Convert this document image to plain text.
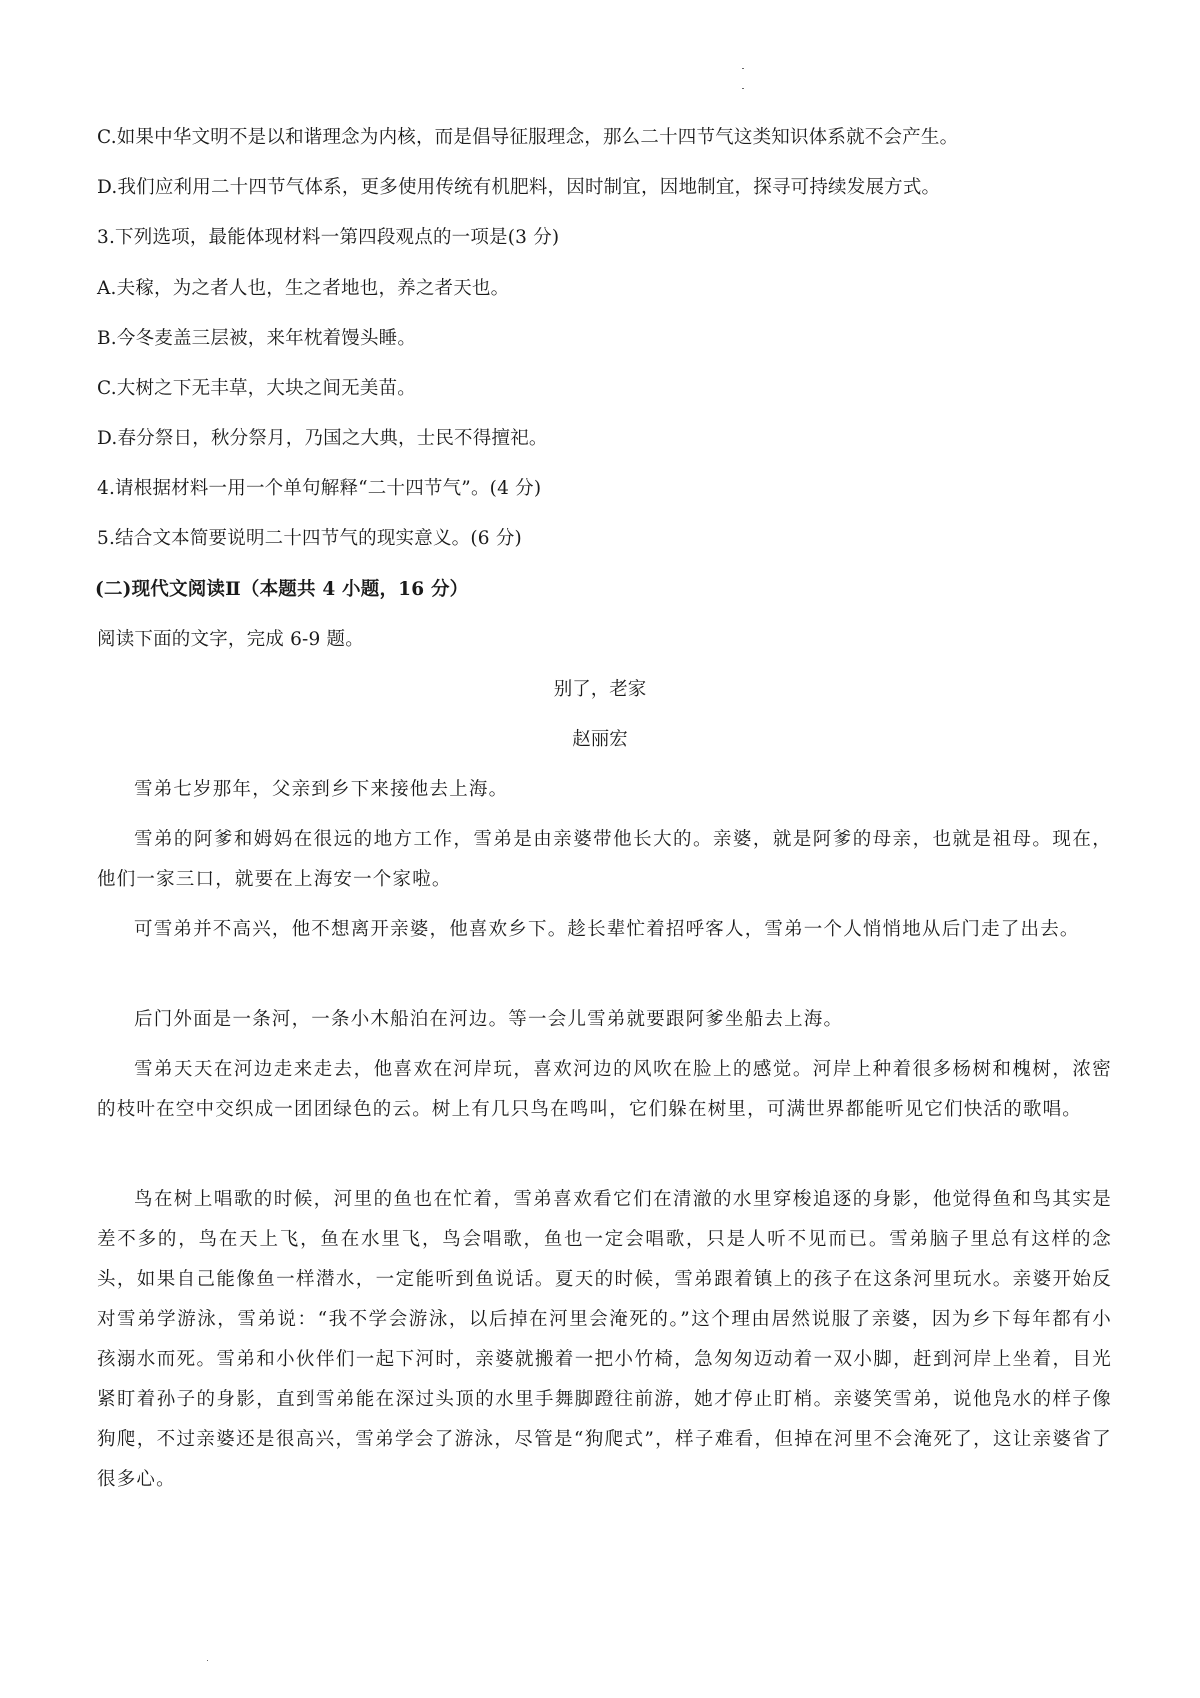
C.如果中华文明不是以和谐理念为内核，而是倡导征服理念，那么二十四节气这类知识体系就不会产生。
D.我们应利用二十四节气体系，更多使用传统有机肥料，因时制宜，因地制宜，探寻可持续发展方式。
3.下列选项，最能体现材料一第四段观点的一项是(3 分)
A.夫稼，为之者人也，生之者地也，养之者天也。
B.今冬麦盖三层被，来年枕着馒头睡。
C.大树之下无丰草，大块之间无美苗。
D.春分祭日，秋分祭月，乃国之大典，士民不得擅祀。
4.请根据材料一用一个单句解释“二十四节气”。(4 分)
5.结合文本简要说明二十四节气的现实意义。(6 分)
(二)现代文阅读Ⅱ（本题共 4 小题，16 分）
阅读下面的文字，完成 6-9 题。
别了，老家
赵丽宏
雪弟七岁那年，父亲到乡下来接他去上海。
雪弟的阿爹和姆妈在很远的地方工作，雪弟是由亲婆带他长大的。亲婆，就是阿爹的母亲，也就是祖母。现在，他们一家三口，就要在上海安一个家啦。
可雪弟并不高兴，他不想离开亲婆，他喜欢乡下。趁长辈忙着招呼客人，雪弟一个人悄悄地从后门走了出去。
后门外面是一条河，一条小木船泊在河边。等一会儿雪弟就要跟阿爹坐船去上海。
雪弟天天在河边走来走去，他喜欢在河岸玩，喜欢河边的风吹在脸上的感觉。河岸上种着很多杨树和槐树，浓密的枝叶在空中交织成一团团绿色的云。树上有几只鸟在鸣叫，它们躲在树里，可满世界都能听见它们快活的歌唱。
鸟在树上唱歌的时候，河里的鱼也在忙着，雪弟喜欢看它们在清澈的水里穿梭追逐的身影，他觉得鱼和鸟其实是差不多的，鸟在天上飞，鱼在水里飞，鸟会唱歌，鱼也一定会唱歌，只是人听不见而已。雪弟脑子里总有这样的念头，如果自己能像鱼一样潜水，一定能听到鱼说话。夏天的时候，雪弟跟着镇上的孩子在这条河里玩水。亲婆开始反对雪弟学游泳，雪弟说：“我不学会游泳，以后掉在河里会淹死的。”这个理由居然说服了亲婆，因为乡下每年都有小孩溺水而死。雪弟和小伙伴们一起下河时，亲婆就搬着一把小竹椅，急匆匆迈动着一双小脚，赶到河岸上坐着，目光紧盯着孙子的身影，直到雪弟能在深过头顶的水里手舞脚蹬往前游，她才停止盯梢。亲婆笑雪弟，说他凫水的样子像狗爬，不过亲婆还是很高兴，雪弟学会了游泳，尽管是“狗爬式”，样子难看，但掉在河里不会淹死了，这让亲婆省了很多心。
